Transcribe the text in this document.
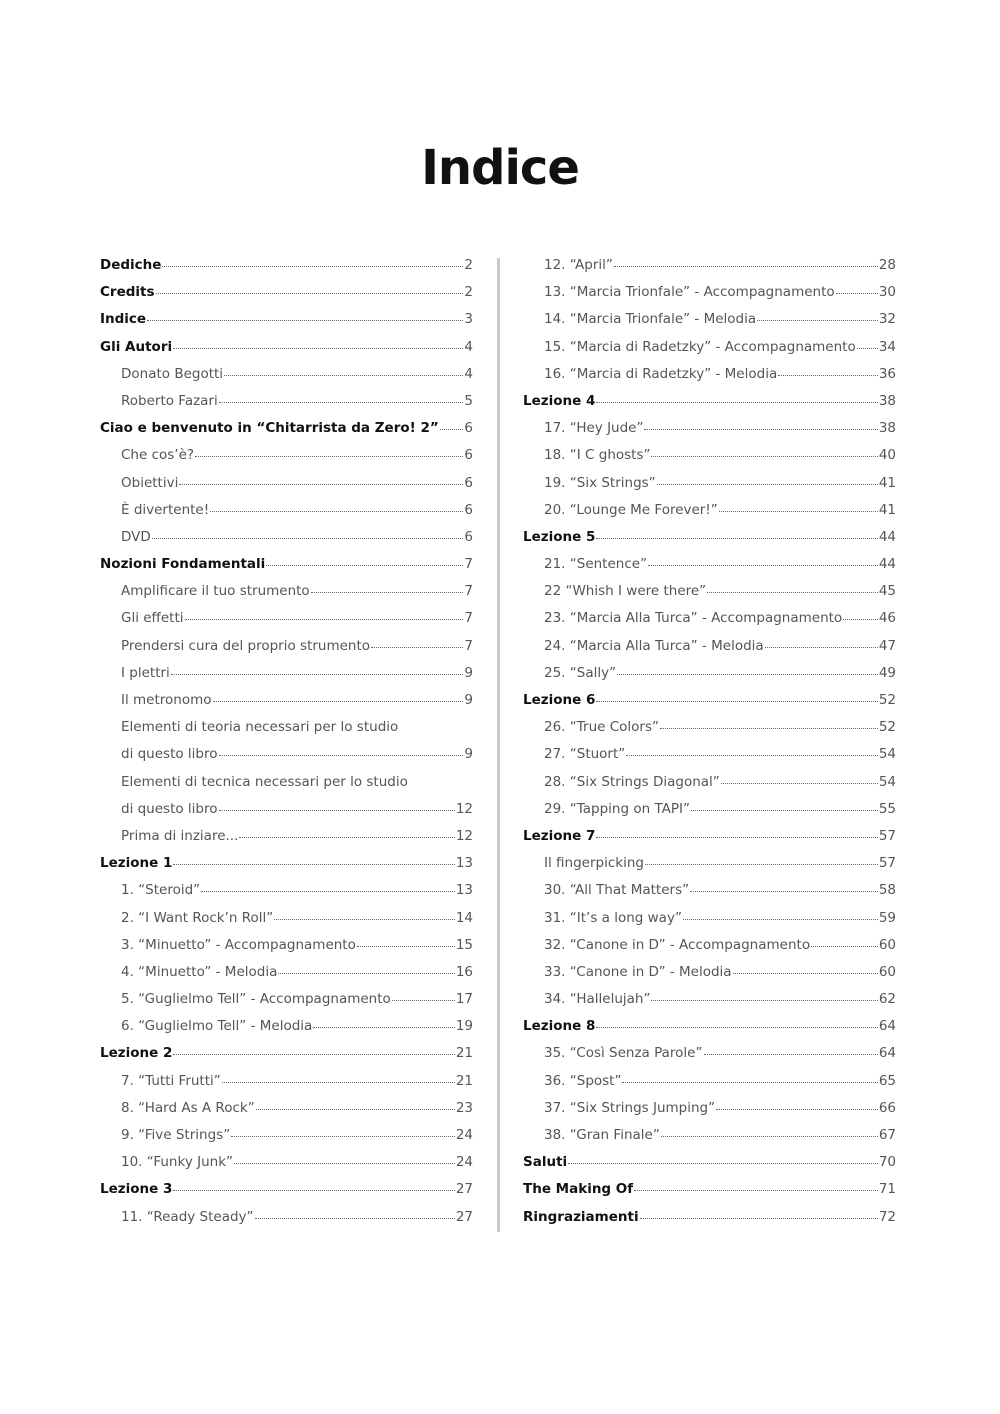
Indice
Dediche	2
Credits	2
Indice	3
Gli Autori	4
Donato Begotti	4
Roberto Fazari	5
Ciao e benvenuto in “Chitarrista da Zero! 2” 6
Che cos’è?	6
Obiettivi	6
È divertente!	6
DVD	6
Nozioni Fondamentali	7
Amplificare il tuo strumento	7
Gli effetti	7
Prendersi cura del proprio strumento	7
I plettri	9
Il metronomo	9
Elementi di teoria necessari per lo studio
di questo libro	9
Elementi di tecnica necessari per lo studio
di questo libro	12
Prima di inziare...	12
Lezione 1	13
1. “Steroid”	13
2. “I Want Rock’n Roll”	14
3. “Minuetto” - Accompagnamento	15
4. “Minuetto” - Melodia	16
5. “Guglielmo Tell” - Accompagnamento	17
6. “Guglielmo Tell” - Melodia	19
Lezione 2	21
7. “Tutti Frutti”	21
8. “Hard As A Rock”	23
9. “Five Strings”	24
10. “Funky Junk”	24
Lezione 3	27
11. “Ready Steady”	27
12. “April”	28
13. “Marcia Trionfale” - Accompagnamento	30
14. “Marcia Trionfale” - Melodia	32
15. “Marcia di Radetzky” - Accompagnamento 34
16. “Marcia di Radetzky” - Melodia	36
Lezione 4	38
17. “Hey Jude”	38
18. “I C ghosts”	40
19. “Six Strings”	41
20. “Lounge Me Forever!”	41
Lezione 5	44
21. “Sentence”	44
22 “Whish I were there”	45
23. “Marcia Alla Turca” - Accompagnamento	46
24. “Marcia Alla Turca” - Melodia	47
25. “Sally”	49
Lezione 6	52
26. “True Colors”	52
27. “Stuort”	54
28. “Six Strings Diagonal”	54
29. “Tapping on TAPI”	55
Lezione 7	57
Il fingerpicking	57
30. “All That Matters”	58
31. “It’s a long way”	59
32. “Canone in D” - Accompagnamento	60
33. “Canone in D” - Melodia	60
34. “Hallelujah”	62
Lezione 8	64
35. “Così Senza Parole”	64
36. “Spost”	65
37. “Six Strings Jumping”	66
38. “Gran Finale”	67
Saluti	70
The Making Of	71
Ringraziamenti	72
